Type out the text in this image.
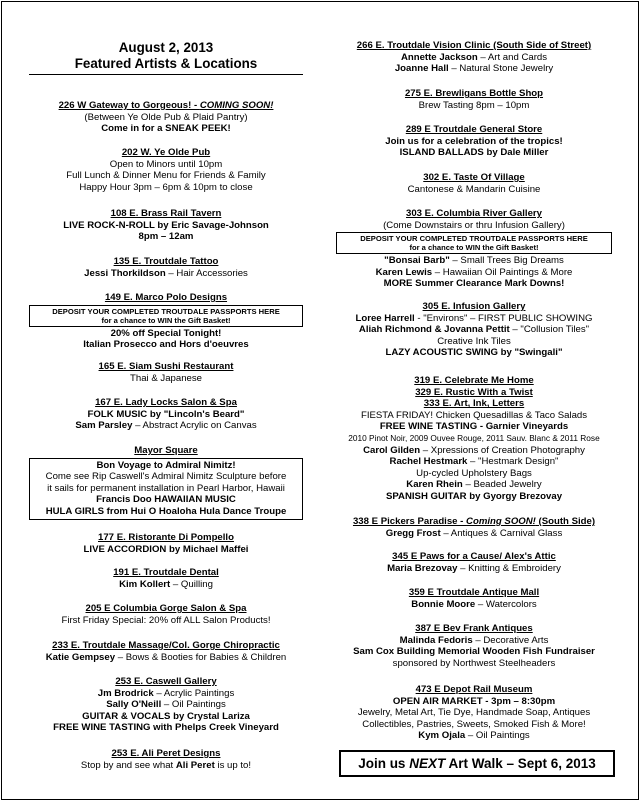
August 2, 2013
Featured Artists & Locations
226 W Gateway to Gorgeous! - COMING SOON!
(Between Ye Olde Pub & Plaid Pantry)
Come in for a SNEAK PEEK!
202 W. Ye Olde Pub
Open to Minors until 10pm
Full Lunch & Dinner Menu for Friends & Family
Happy Hour 3pm – 6pm & 10pm to close
108 E. Brass Rail Tavern
LIVE ROCK-N-ROLL by Eric Savage-Johnson
8pm – 12am
135 E. Troutdale Tattoo
Jessi Thorkildson – Hair Accessories
149 E. Marco Polo Designs
DEPOSIT YOUR COMPLETED TROUTDALE PASSPORTS HERE
for a chance to WIN the Gift Basket!
20% off Special Tonight!
Italian Prosecco and Hors d'oeuvres
165 E. Siam Sushi Restaurant
Thai & Japanese
167 E. Lady Locks Salon & Spa
FOLK MUSIC by "Lincoln's Beard"
Sam Parsley – Abstract Acrylic on Canvas
Mayor Square
Bon Voyage to Admiral Nimitz!
Come see Rip Caswell's Admiral Nimitz Sculpture before
it sails for permanent installation in Pearl Harbor, Hawaii
Francis Doo HAWAIIAN MUSIC
HULA GIRLS from Hui O Hoaloha Hula Dance Troupe
177 E. Ristorante Di Pompello
LIVE ACCORDION by Michael Maffei
191 E. Troutdale Dental
Kim Kollert – Quilling
205 E Columbia Gorge Salon & Spa
First Friday Special: 20% off ALL Salon Products!
233 E. Troutdale Massage/Col. Gorge Chiropractic
Katie Gempsey – Bows & Booties for Babies & Children
253 E. Caswell Gallery
Jm Brodrick – Acrylic Paintings
Sally O'Neill – Oil Paintings
GUITAR & VOCALS by Crystal Lariza
FREE WINE TASTING with Phelps Creek Vineyard
253 E. Ali Peret Designs
Stop by and see what Ali Peret is up to!
266 E. Troutdale Vision Clinic (South Side of Street)
Annette Jackson – Art and Cards
Joanne Hall – Natural Stone Jewelry
275 E. Brewligans Bottle Shop
Brew Tasting 8pm – 10pm
289 E Troutdale General Store
Join us for a celebration of the tropics!
ISLAND BALLADS by Dale Miller
302 E. Taste Of Village
Cantonese & Mandarin Cuisine
303 E. Columbia River Gallery
(Come Downstairs or thru Infusion Gallery)
DEPOSIT YOUR COMPLETED TROUTDALE PASSPORTS HERE
for a chance to WIN the Gift Basket!
"Bonsai Barb" – Small Trees Big Dreams
Karen Lewis – Hawaiian Oil Paintings & More
MORE Summer Clearance Mark Downs!
305 E. Infusion Gallery
Loree Harrell - "Environs" – FIRST PUBLIC SHOWING
Aliah Richmond & Jovanna Pettit – "Collusion Tiles"
Creative Ink Tiles
LAZY ACOUSTIC SWING by "Swingali"
319 E. Celebrate Me Home
329 E. Rustic With a Twist
333 E. Art, Ink, Letters
FIESTA FRIDAY! Chicken Quesadillas & Taco Salads
FREE WINE TASTING - Garnier Vineyards
2010 Pinot Noir, 2009 Ouvee Rouge, 2011 Sauv. Blanc & 2011 Rose
Carol Gilden – Xpressions of Creation Photography
Rachel Hestmark – "Hestmark Design"
Up-cycled Upholstery Bags
Karen Rhein – Beaded Jewelry
SPANISH GUITAR by Gyorgy Brezovay
338 E Pickers Paradise - Coming SOON! (South Side)
Gregg Frost – Antiques & Carnival Glass
345 E Paws for a Cause/ Alex's Attic
Maria Brezovay – Knitting & Embroidery
359 E Troutdale Antique Mall
Bonnie Moore – Watercolors
387 E Bev Frank Antiques
Malinda Fedoris – Decorative Arts
Sam Cox Building Memorial Wooden Fish Fundraiser
sponsored by Northwest Steelheaders
473 E Depot Rail Museum
OPEN AIR MARKET - 3pm – 8:30pm
Jewelry, Metal Art, Tie Dye, Handmade Soap, Antiques
Collectibles, Pastries, Sweets, Smoked Fish & More!
Kym Ojala – Oil Paintings
Join us NEXT Art Walk – Sept 6, 2013
